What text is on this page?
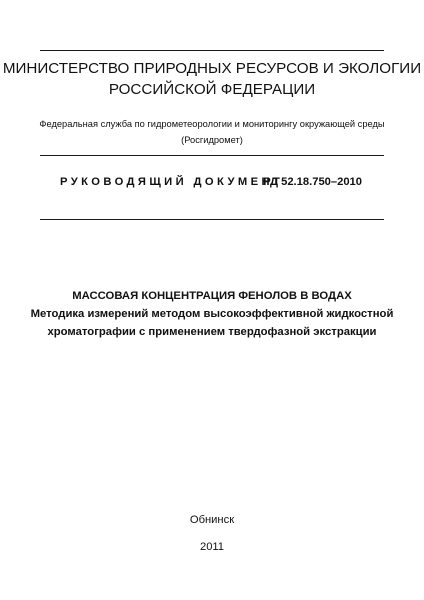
МИНИСТЕРСТВО ПРИРОДНЫХ РЕСУРСОВ И ЭКОЛОГИИ
РОССИЙСКОЙ ФЕДЕРАЦИИ
Федеральная служба по гидрометеорологии и мониторингу окружающей среды
(Росгидромет)
РУКОВОДЯЩИЙ ДОКУМЕНТ
РД 52.18.750–2010
МАССОВАЯ КОНЦЕНТРАЦИЯ ФЕНОЛОВ В ВОДАХ
Методика измерений методом высокоэффективной жидкостной
хроматографии с применением твердофазной экстракции
Обнинск
2011
